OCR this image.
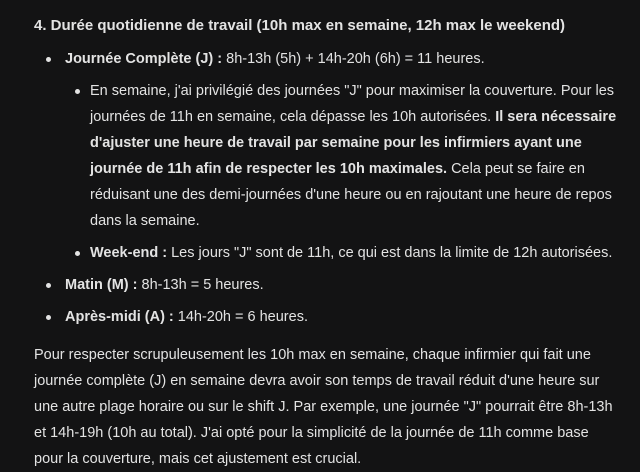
4. Durée quotidienne de travail (10h max en semaine, 12h max le weekend)
Journée Complète (J) : 8h-13h (5h) + 14h-20h (6h) = 11 heures.
En semaine, j'ai privilégié des journées "J" pour maximiser la couverture. Pour les journées de 11h en semaine, cela dépasse les 10h autorisées. Il sera nécessaire d'ajuster une heure de travail par semaine pour les infirmiers ayant une journée de 11h afin de respecter les 10h maximales. Cela peut se faire en réduisant une des demi-journées d'une heure ou en rajoutant une heure de repos dans la semaine.
Week-end : Les jours "J" sont de 11h, ce qui est dans la limite de 12h autorisées.
Matin (M) : 8h-13h = 5 heures.
Après-midi (A) : 14h-20h = 6 heures.

Pour respecter scrupuleusement les 10h max en semaine, chaque infirmier qui fait une journée complète (J) en semaine devra avoir son temps de travail réduit d'une heure sur une autre plage horaire ou sur le shift J. Par exemple, une journée "J" pourrait être 8h-13h et 14h-19h (10h au total). J'ai opté pour la simplicité de la journée de 11h comme base pour la couverture, mais cet ajustement est crucial.
